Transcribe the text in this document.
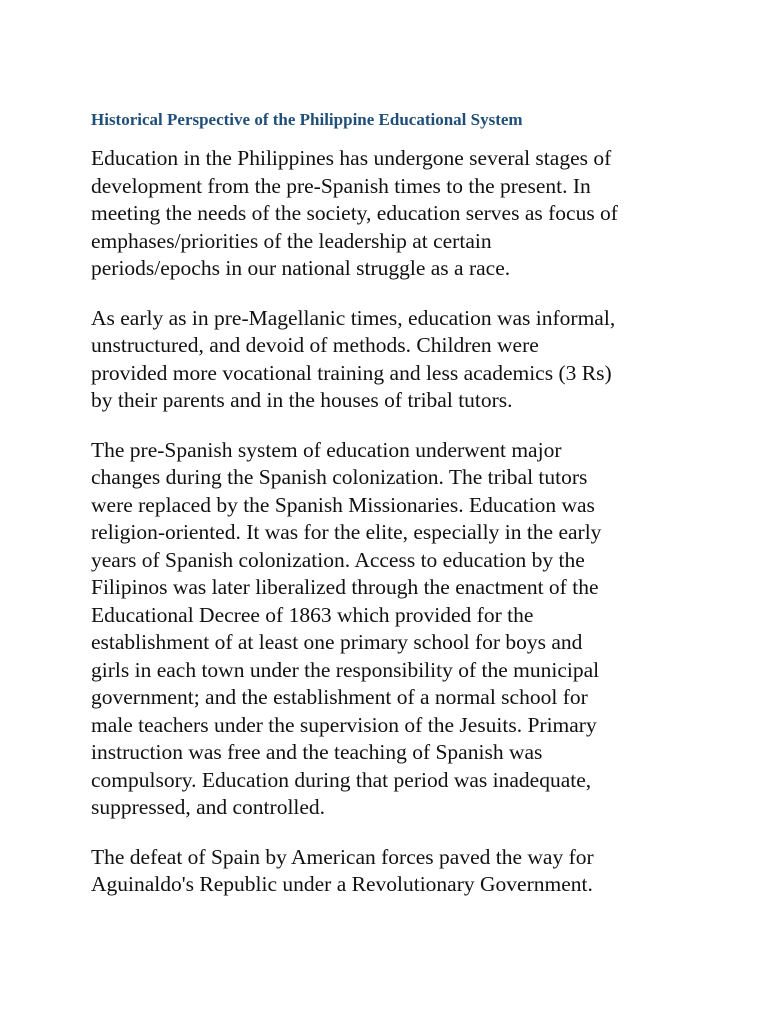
Historical Perspective of the Philippine Educational System
Education in the Philippines has undergone several stages of
development from the pre-Spanish times to the present. In
meeting the needs of the society, education serves as focus of
emphases/priorities of the leadership at certain
periods/epochs in our national struggle as a race.
As early as in pre-Magellanic times, education was informal,
unstructured, and devoid of methods. Children were
provided more vocational training and less academics (3 Rs)
by their parents and in the houses of tribal tutors.
The pre-Spanish system of education underwent major
changes during the Spanish colonization. The tribal tutors
were replaced by the Spanish Missionaries. Education was
religion-oriented. It was for the elite, especially in the early
years of Spanish colonization. Access to education by the
Filipinos was later liberalized through the enactment of the
Educational Decree of 1863 which provided for the
establishment of at least one primary school for boys and
girls in each town under the responsibility of the municipal
government; and the establishment of a normal school for
male teachers under the supervision of the Jesuits. Primary
instruction was free and the teaching of Spanish was
compulsory. Education during that period was inadequate,
suppressed, and controlled.
The defeat of Spain by American forces paved the way for
Aguinaldo's Republic under a Revolutionary Government.
